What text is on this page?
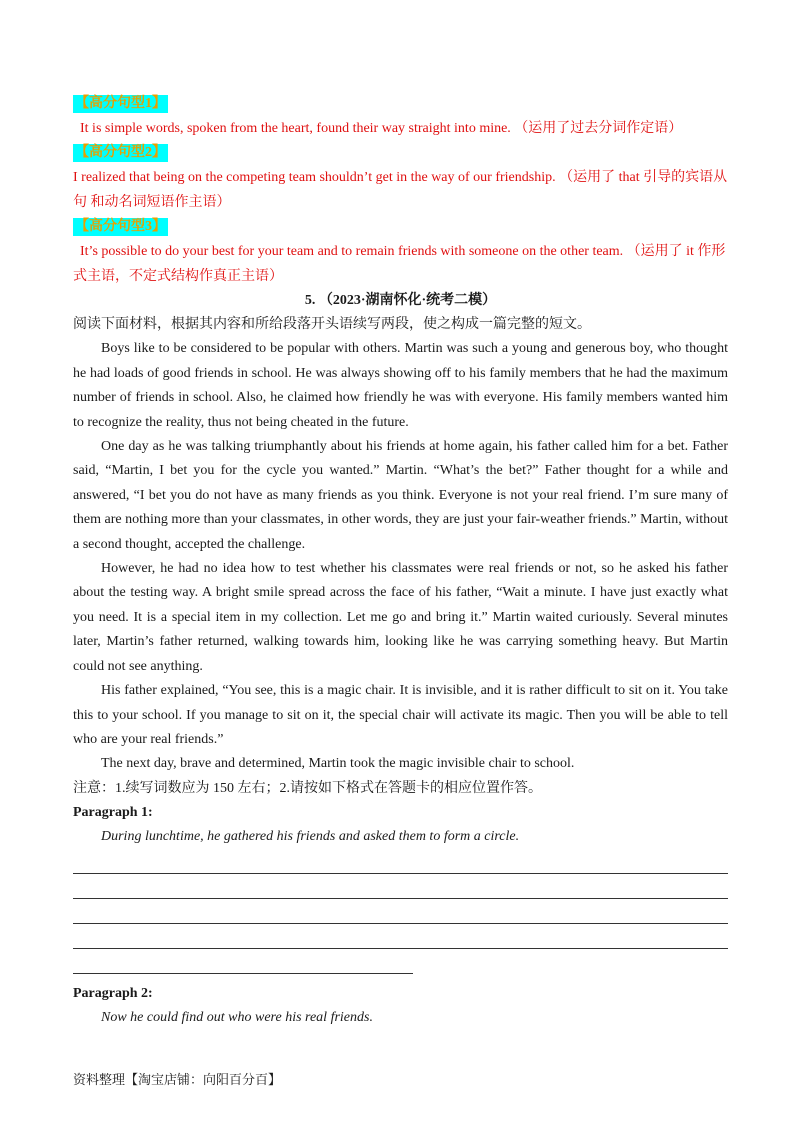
【高分句型1】

It is simple words, spoken from the heart, found their way straight into mine. （运用了过去分词作定语）

【高分句型2】

I realized that being on the competing team shouldn’t get in the way of our friendship. （运用了 that 引导的宾语从句 和动名词短语作主语）

【高分句型3】

It’s possible to do your best for your team and to remain friends with someone on the other team. （运用了 it 作形式主语，不定式结构作真正主语）

5. （2023·湖南怀化·统考二模）

阅读下面材料，根据其内容和所给段落开头语续写两段，使之构成一篇完整的短文。

Boys like to be considered to be popular with others. Martin was such a young and generous boy, who thought he had loads of good friends in school. He was always showing off to his family members that he had the maximum number of friends in school. Also, he claimed how friendly he was with everyone. His family members wanted him to recognize the reality, thus not being cheated in the future.

One day as he was talking triumphantly about his friends at home again, his father called him for a bet. Father said, “Martin, I bet you for the cycle you wanted.” Martin. “What’s the bet?” Father thought for a while and answered, “I bet you do not have as many friends as you think. Everyone is not your real friend. I’m sure many of them are nothing more than your classmates, in other words, they are just your fair-weather friends.” Martin, without a second thought, accepted the challenge.

However, he had no idea how to test whether his classmates were real friends or not, so he asked his father about the testing way. A bright smile spread across the face of his father, “Wait a minute. I have just exactly what you need. It is a special item in my collection. Let me go and bring it.” Martin waited curiously. Several minutes later, Martin’s father returned, walking towards him, looking like he was carrying something heavy. But Martin could not see anything.

His father explained, “You see, this is a magic chair. It is invisible, and it is rather difficult to sit on it. You take this to your school. If you manage to sit on it, the special chair will activate its magic. Then you will be able to tell who are your real friends.”

The next day, brave and determined, Martin took the magic invisible chair to school.

注意：1.续写词数应为 150 左右；2.请按如下格式在答题卡的相应位置作答。

Paragraph 1:

During lunchtime, he gathered his friends and asked them to form a circle.

Paragraph 2:

Now he could find out who were his real friends.

资料整理【淘宝店铺：向阳百分百】
